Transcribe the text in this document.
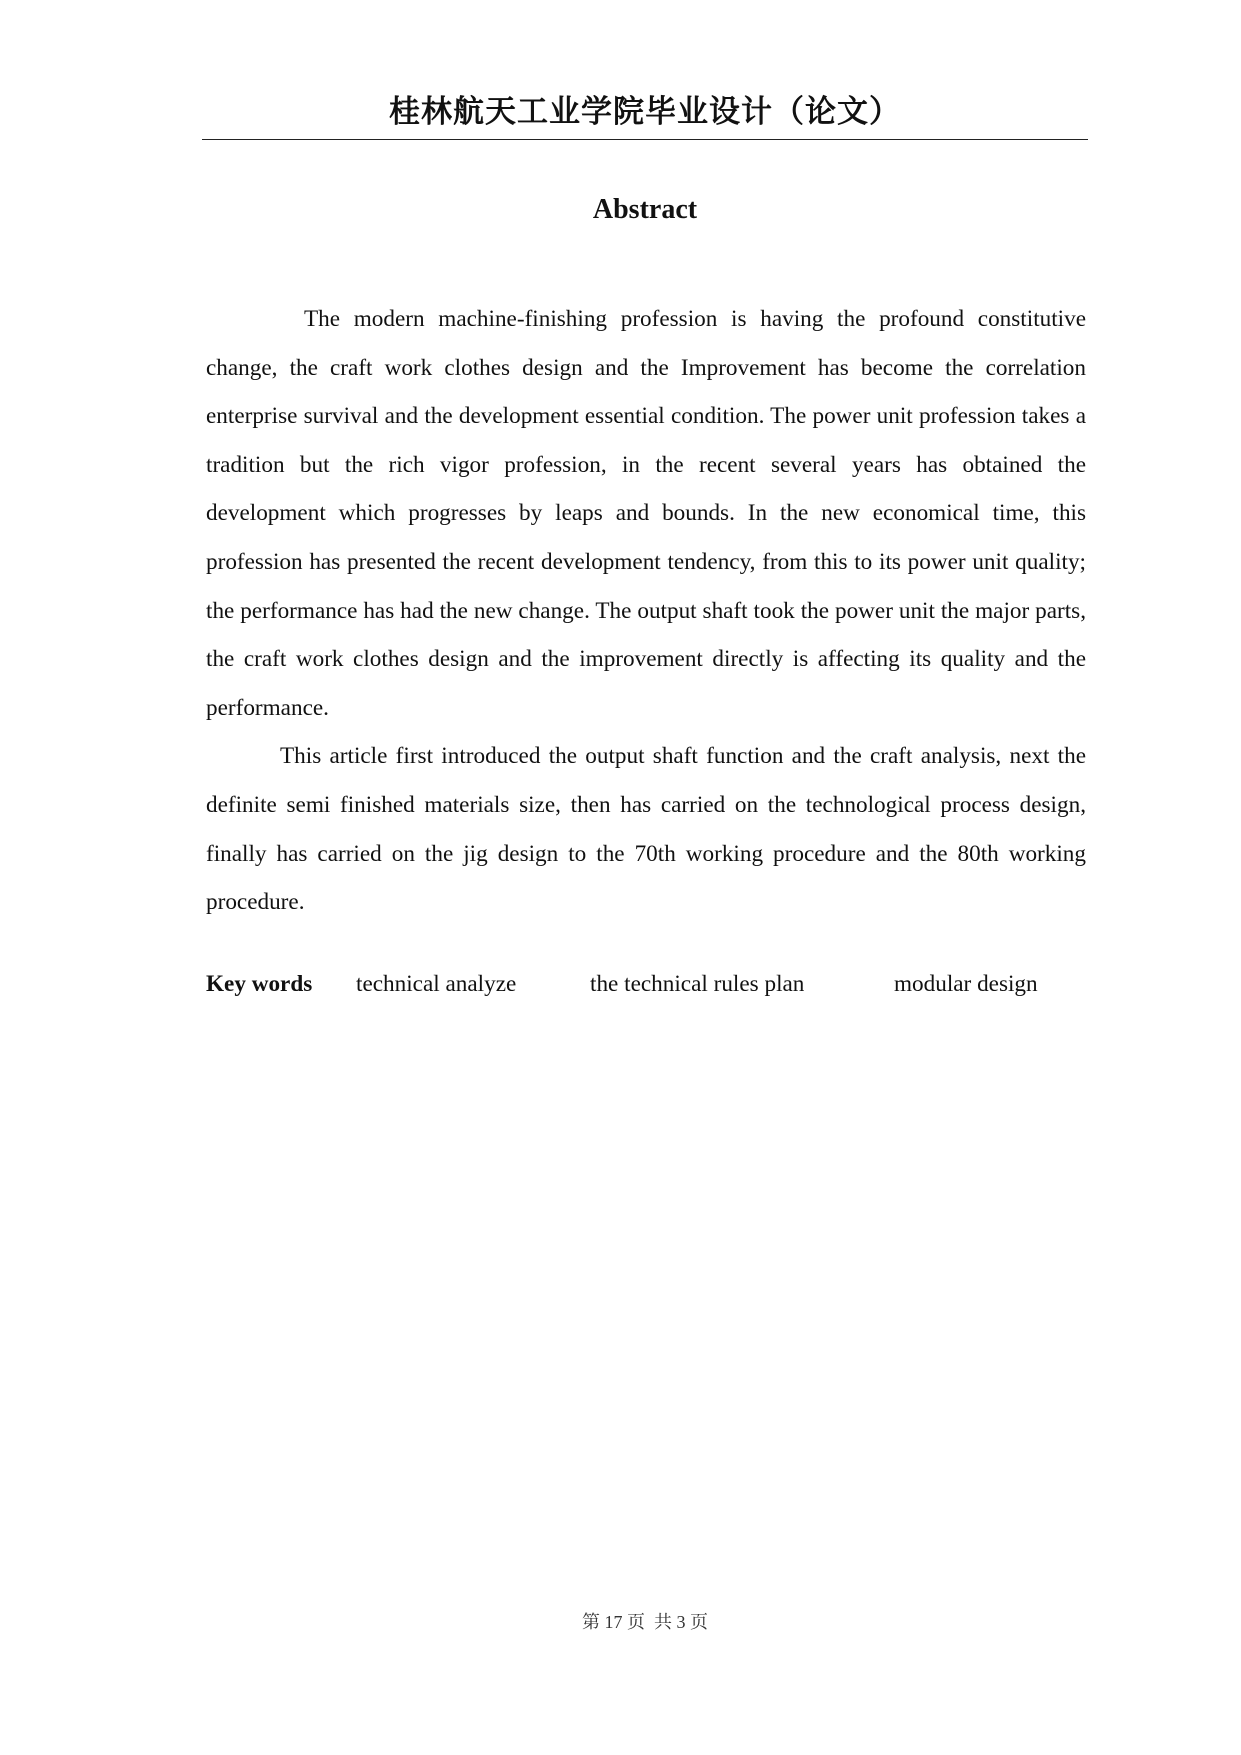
桂林航天工业学院毕业设计（论文）
Abstract

The modern machine-finishing profession is having the profound constitutive change, the craft work clothes design and the Improvement has become the correlation enterprise survival and the development essential condition. The power unit profession takes a tradition but the rich vigor profession, in the recent several years has obtained the development which progresses by leaps and bounds. In the new economical time, this profession has presented the recent development tendency, from this to its power unit quality; the performance has had the new change. The output shaft took the power unit the major parts, the craft work clothes design and the improvement directly is affecting its quality and the performance.

This article first introduced the output shaft function and the craft analysis, next the definite semi finished materials size, then has carried on the technological process design, finally has carried on the jig design to the 70th working procedure and the 80th working procedure.

Key words technical analyze	the technical rules plan	modular design
第 17 页  共 3 页
